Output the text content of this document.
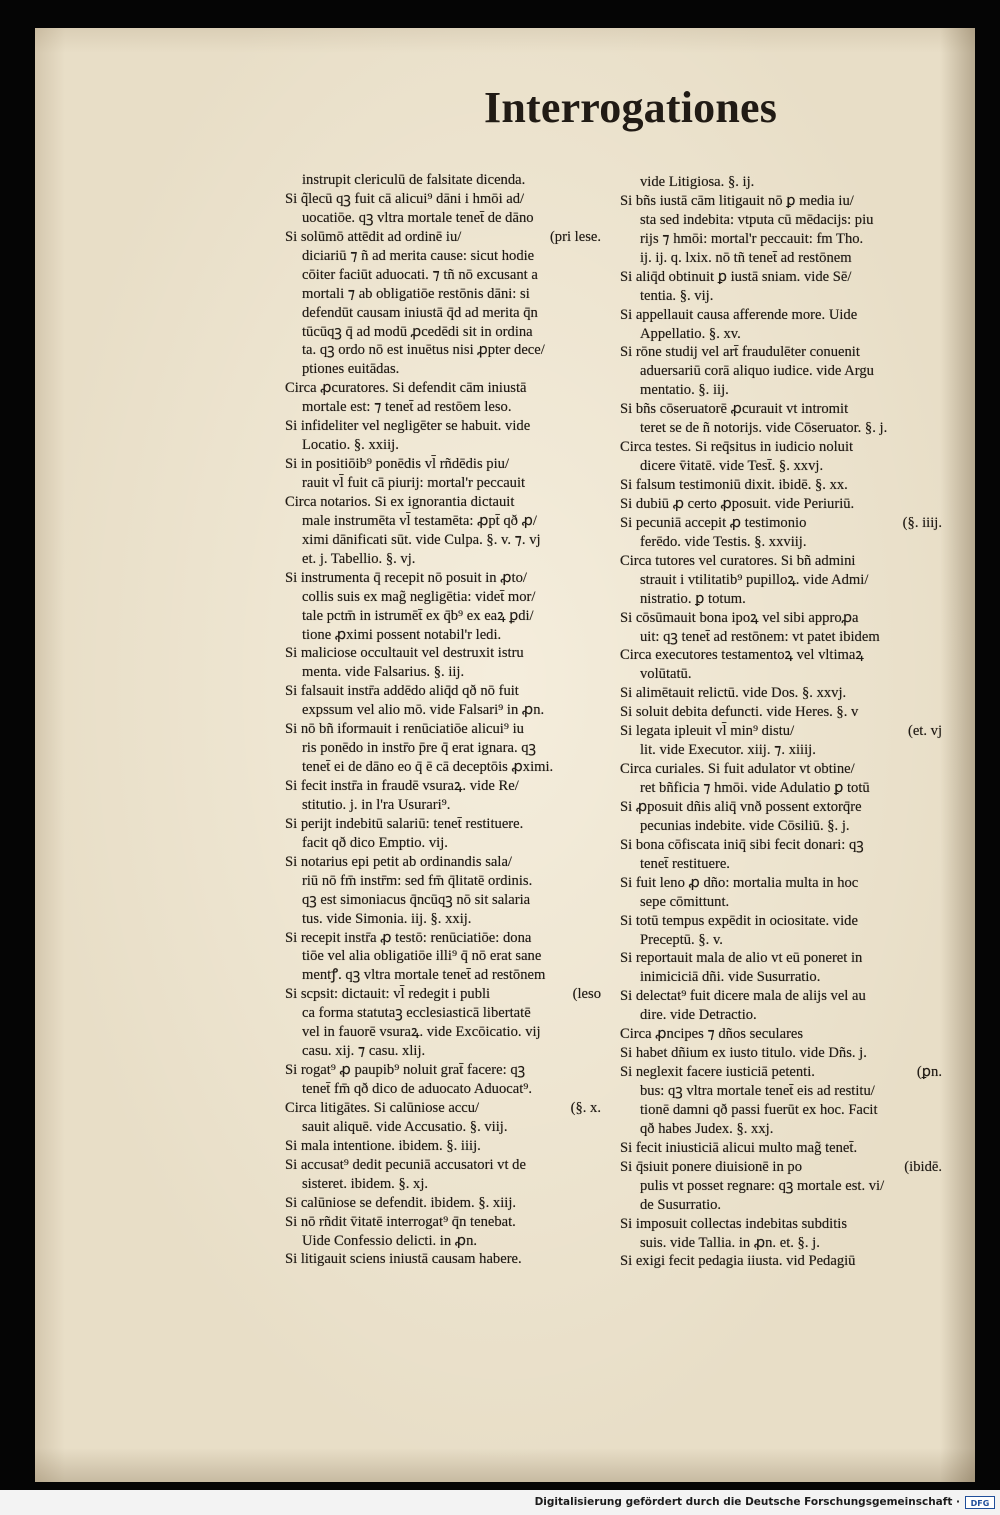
Interrogationes
instrupit clericulū de falsitate dicenda.
Si q̃lecū qꝫ fuit cā alicui⁹ dāni i hmōi ad/
uocatiōe. qꝫ vltra mortale tenet̄ de dāno
Si solūmō attēdit ad ordinē iu/	(pri lese.
diciariū ⁊ ñ ad merita cause: sicut hodie
cōiter faciūt aduocati. ⁊ tñ nō excusant a
mortali ⁊ ab obligatiōe restōnis dāni: si
defendūt causam iniustā q̄d ad merita q̄n
tūcūqꝫ q̄ ad modū ꝓcedēdi sit in ordina
ta. qꝫ ordo nō est inuētus nisi ꝓpter dece/
ptiones euitādas.
Circa ꝓcuratores. Si defendit cām iniustā
mortale est: ⁊ tenet̄ ad restōem leso.
Si infideliter vel negligēter se habuit. vide
Locatio. §. xxiij.
Si in positiōib⁹ ponēdis vl̄ rñdēdis piu/
rauit vl̄ fuit cā piurij: mortal'r peccauit
Circa notarios. Si ex ignorantia dictauit
male instrumēta vl̄ testamēta: ꝓpt̄ qð ꝓ/
ximi dānificati sūt. vide Culpa. §. v. ⁊. vj
et. j. Tabellio. §. vj.
Si instrumenta q̄ recepit nō posuit in ꝓto/
collis suis ex mag̃ negligētia: videt̄ mor/
tale pctm̄ in istrumēt̄ ex q̄b⁹ ex eaꝝ ꝑdi/
tione ꝓximi possent notabil'r ledi.
Si maliciose occultauit vel destruxit istru
menta. vide Falsarius. §. iij.
Si falsauit instr̄a addēdo aliq̄d qð nō fuit
expssum vel alio mō. vide Falsari⁹ in ꝓn.
Si nō bñ iformauit i renūciatiōe alicui⁹ iu
ris ponēdo in instr̄o p̄re q̄ erat ignara. qꝫ
tenet̄ ei de dāno eo q̄ ē cā deceptōis ꝓximi.
Si fecit instr̄a in fraudē vsuraꝝ. vide Re/
stitutio. j. in l'ra Usurari⁹.
Si perijt indebitū salariū: tenet̄ restituere.
facit qð dico Emptio. vij.
Si notarius epi petit ab ordinandis sala/
riū nō fm̄ instr̄m: sed fm̄ q̄litatē ordinis.
qꝫ est simoniacus q̄ncūqꝫ nō sit salaria
tus. vide Simonia. iij. §. xxij.
Si recepit instr̄a ꝓ testō: renūciatiōe: dona
tiōe vel alia obligatiōe illi⁹ q̄ nō erat sane
mentꝭ. qꝫ vltra mortale tenet̄ ad restōnem
Si scpsit: dictauit: vl̄ redegit i publi	(leso
ca forma statutaꝫ ecclesiasticā libertatē
vel in fauorē vsuraꝝ. vide Excōicatio. vij
casu. xij. ⁊ casu. xlij.
Si rogat⁹ ꝓ paupib⁹ noluit grat̄ facere: qꝫ
tenet̄ fm̄ qð dico de aduocato Aduocat⁹.
Circa litigātes. Si calūniose accu/	(§. x.
sauit aliquē. vide Accusatio. §. viij.
Si mala intentione. ibidem. §. iiij.
Si accusat⁹ dedit pecuniā accusatori vt de
sisteret. ibidem. §. xj.
Si calūniose se defendit. ibidem. §. xiij.
Si nō rñdit v̄itatē interrogat⁹ q̄n tenebat.
Uide Confessio delicti. in ꝓn.
Si litigauit sciens iniustā causam habere.
vide Litigiosa. §. ij.
Si bñs iustā cām litigauit nō ꝑ media iu/
sta sed indebita: vtputa cū mēdacijs: piu
rijs ⁊ hmōi: mortal'r peccauit: fm Tho.
ij. ij. q. lxix. nō tñ tenet̄ ad restōnem
Si aliq̄d obtinuit ꝑ iustā sniam. vide Sē/
tentia. §. vij.
Si appellauit causa afferende more. Uide
Appellatio. §. xv.
Si rōne studij vel art̄ fraudulēter conuenit
aduersariū corā aliquo iudice. vide Argu
mentatio. §. iij.
Si bñs cōseruatorē ꝓcurauit vt intromit
teret se de ñ notorijs. vide Cōseruator. §. j.
Circa testes. Si req̄situs in iudicio noluit
dicere v̄itatē. vide Test̄. §. xxvj.
Si falsum testimoniū dixit. ibidē. §. xx.
Si dubiū ꝓ certo ꝓposuit. vide Periuriū.
Si pecuniā accepit ꝓ testimonio	(§. iiij.
ferēdo. vide Testis. §. xxviij.
Circa tutores vel curatores. Si bñ admini
strauit i vtilitatib⁹ pupilloꝝ. vide Admi/
nistratio. ꝑ totum.
Si cōsūmauit bona ipoꝝ vel sibi approꝓa
uit: qꝫ tenet̄ ad restōnem: vt patet ibidem
Circa executores testamentoꝝ vel vltimaꝝ
volūtatū.
Si alimētauit relictū. vide Dos. §. xxvj.
Si soluit debita defuncti. vide Heres. §. v
Si legata ipleuit vl̄ min⁹ distu/	(et. vj
lit. vide Executor. xiij. ⁊. xiiij.
Circa curiales. Si fuit adulator vt obtine/
ret bñficia ⁊ hmōi. vide Adulatio ꝑ totū
Si ꝓposuit dñis aliq̄ vnð possent extorq̄re
pecunias indebite. vide Cōsiliū. §. j.
Si bona cōfiscata iniq̄ sibi fecit donari: qꝫ
tenet̄ restituere.
Si fuit leno ꝓ dño: mortalia multa in hoc
sepe cōmittunt.
Si totū tempus expēdit in ociositate. vide
Preceptū. §. v.
Si reportauit mala de alio vt eū poneret in
inimiciciā dñi. vide Susurratio.
Si delectat⁹ fuit dicere mala de alijs vel au
dire. vide Detractio.
Circa ꝓncipes ⁊ dños seculares
Si habet dñium ex iusto titulo. vide Dñs. j.
Si neglexit facere iusticiā petenti.	(ꝑn.
bus: qꝫ vltra mortale tenet̄ eis ad restitu/
tionē damni qð passi fuerūt ex hoc. Facit
qð habes Judex. §. xxj.
Si fecit iniusticiā alicui multo mag̃ tenet̄.
Si q̄siuit ponere diuisionē in po	(ibidē.
pulis vt posset regnare: qꝫ mortale est. vi/
de Susurratio.
Si imposuit collectas indebitas subditis
suis. vide Tallia. in ꝓn. et. §. j.
Si exigi fecit pedagia iiusta. vid Pedagiū
Digitalisierung gefördert durch die Deutsche Forschungsgemeinschaft ·	DFG
